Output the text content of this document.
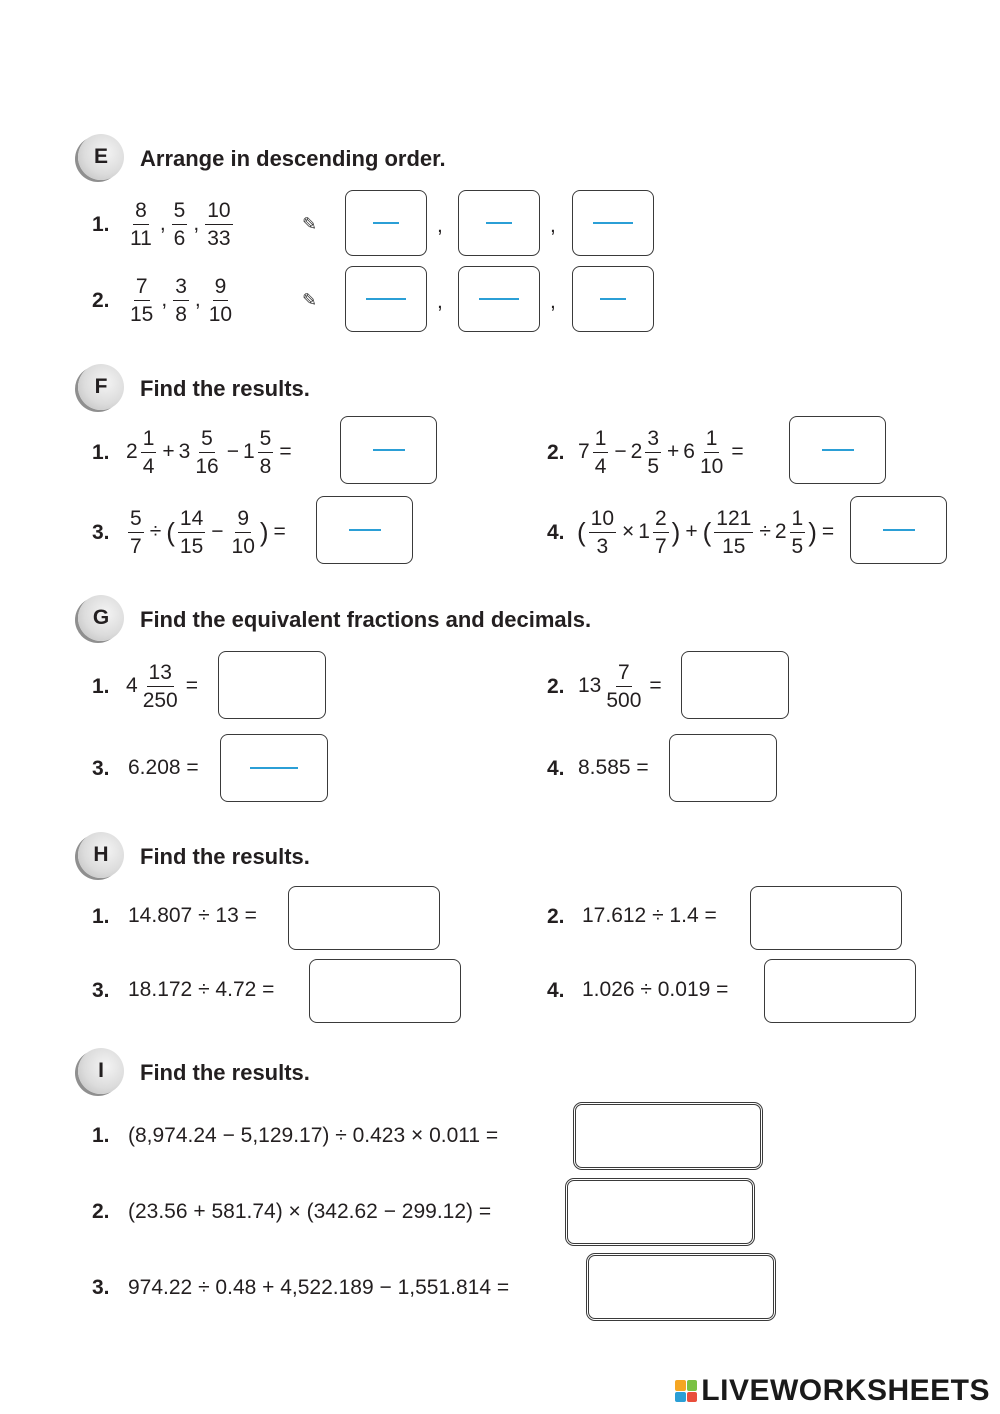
E	Arrange in descending order.
1. $\frac{8}{11}$ , $\frac{5}{6}$ , $\frac{10}{33}$	✎	,	,
2. $\frac{7}{15}$ , $\frac{3}{8}$ , $\frac{9}{10}$	✎	,	,
F	Find the results.
1. $2 \frac{1}{4} + 3 \frac{5}{16} - 1 \frac{5}{8}$ =	2. $7 \frac{1}{4} - 2 \frac{3}{5} + 6 \frac{1}{10}$ =
3. $\frac{5}{7}$ ÷ ( $\frac{14}{15} - \frac{9}{10}$ ) =	4. ( $\frac{10}{3} \times 1 \frac{2}{7}$ ) + ( $\frac{121}{15} \div 2 \frac{1}{5}$ ) =
G	Find the equivalent fractions and decimals.
1. $4 \frac{13}{250}$ =	2. $13 \frac{7}{500}$ =
3. 6.208 =	4. 8.585 =
H	Find the results.
1. 14.807 ÷ 13 =	2. 17.612 ÷ 1.4 =
3. 18.172 ÷ 4.72 =	4. 1.026 ÷ 0.019 =
I	Find the results.
1. (8,974.24 − 5,129.17) ÷ 0.423 × 0.011 =
2. (23.56 + 581.74) × (342.62 − 299.12) =
3. 974.22 ÷ 0.48 + 4,522.189 − 1,551.814 =
LIVEWORKSHEETS
